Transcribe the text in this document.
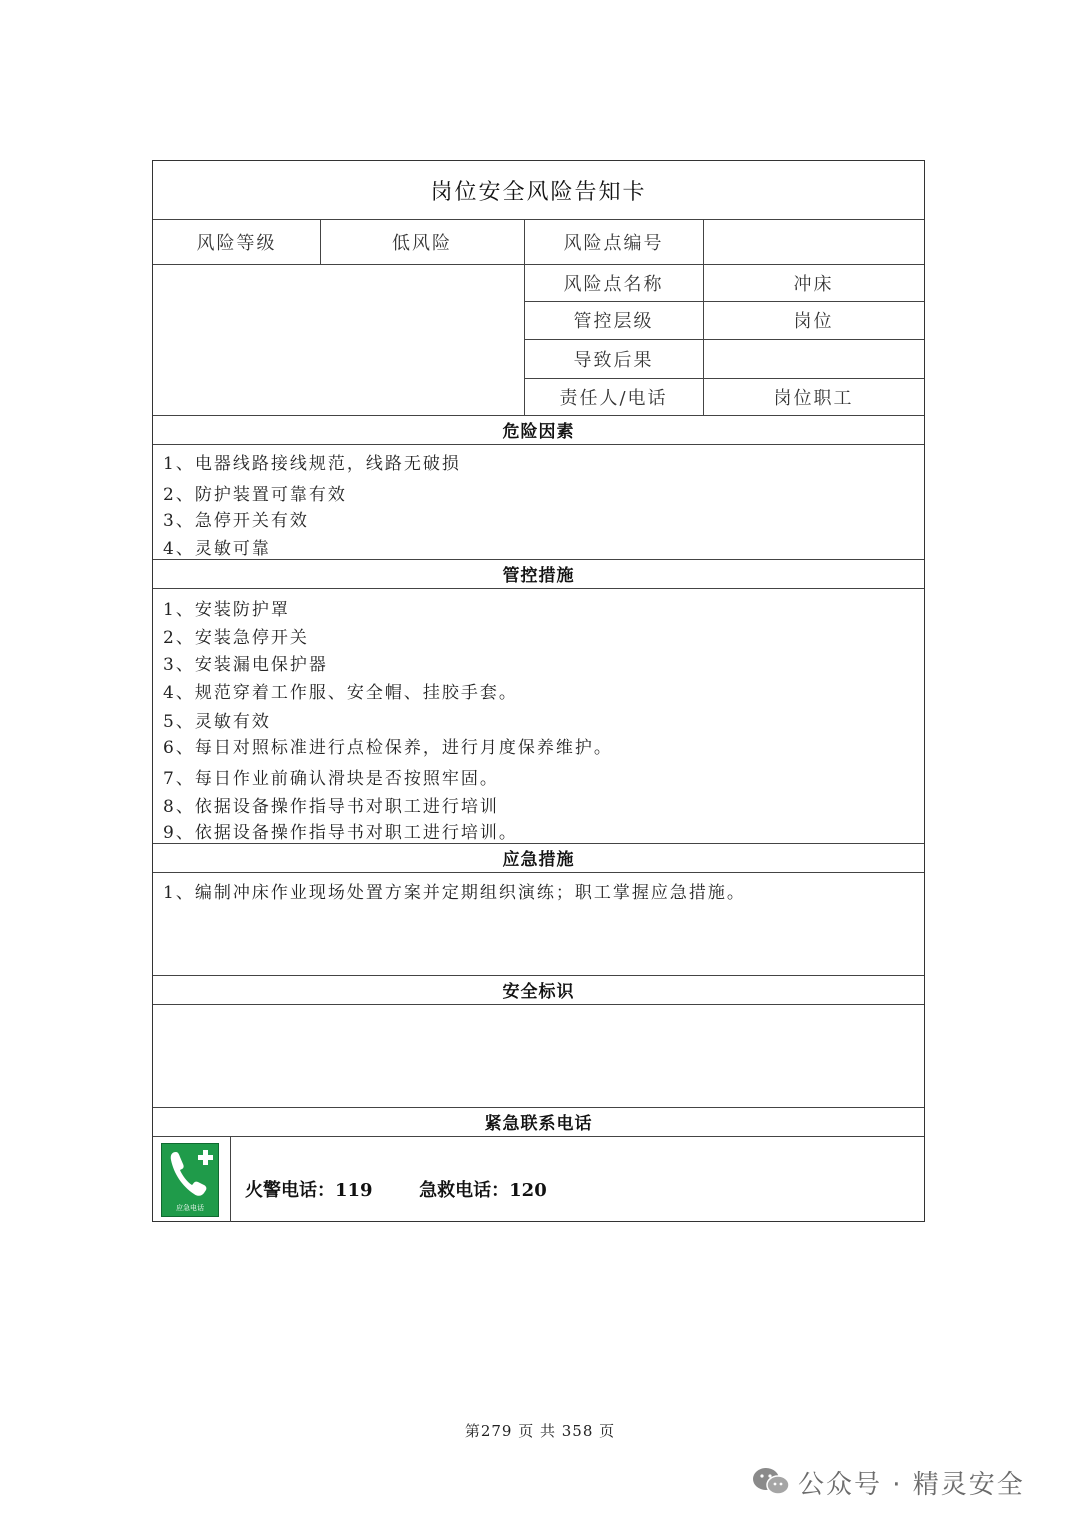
岗位安全风险告知卡
风险等级	低风险	风险点编号
风险点名称	冲床
管控层级	岗位
导致后果
责任人/电话	岗位职工
危险因素
1、电器线路接线规范，线路无破损
2、防护装置可靠有效
3、急停开关有效
4、灵敏可靠
管控措施
1、安装防护罩
2、安装急停开关
3、安装漏电保护器
4、规范穿着工作服、安全帽、挂胶手套。
5、灵敏有效
6、每日对照标准进行点检保养，进行月度保养维护。
7、每日作业前确认滑块是否按照牢固。
8、依据设备操作指导书对职工进行培训
9、依据设备操作指导书对职工进行培训。
应急措施
1、编制冲床作业现场处置方案并定期组织演练；职工掌握应急措施。
安全标识
紧急联系电话
应急电话
火警电话：119	急救电话：120
第279 页 共 358 页
公众号 · 精灵安全
